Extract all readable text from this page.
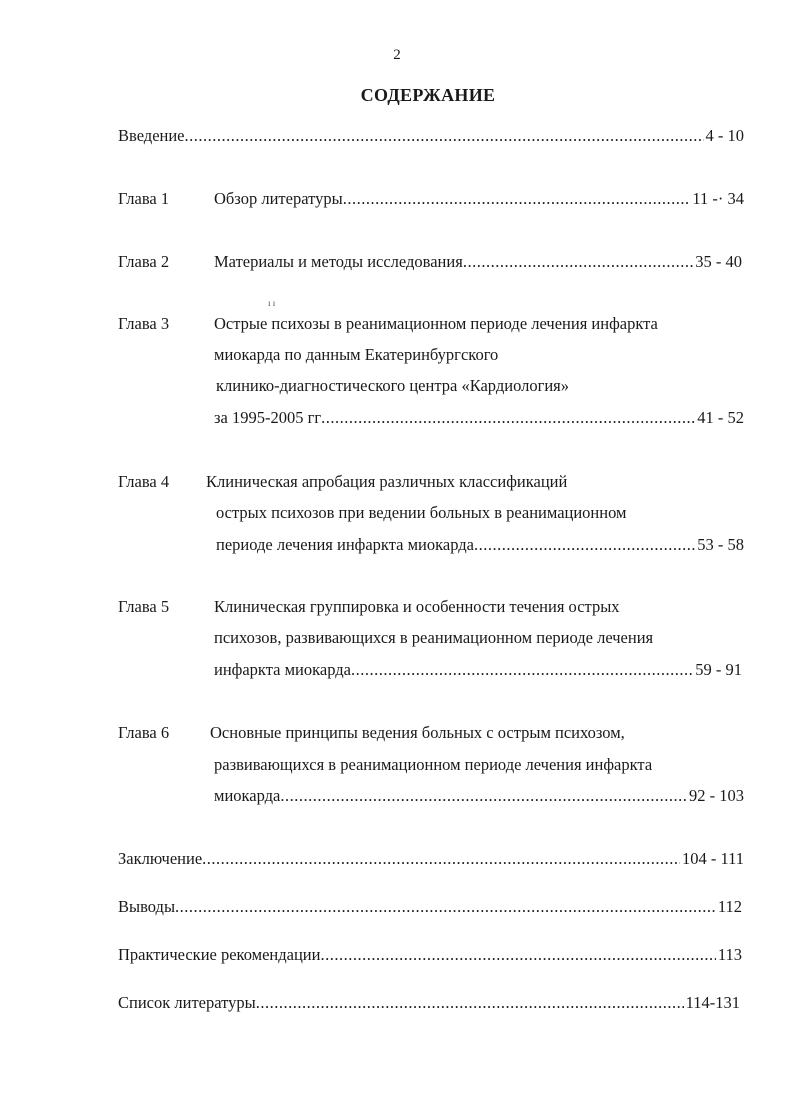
2
СОДЕРЖАНИЕ
Введение .....	4 - 10
Глава 1	Обзор литературы .....	11 -· 34
Глава 2	Материалы и методы исследования .....	35 - 40
ı ı
Глава 3	Острые психозы в реанимационном периоде лечения инфаркта
миокарда по данным Екатеринбургского
клинико-диагностического центра «Кардиология»
за 1995-2005 гг .....	41 - 52
Глава 4 Клиническая апробация различных классификаций
острых психозов при ведении больных в реанимационном
периоде лечения инфаркта миокарда .....	53 - 58
Глава 5	Клиническая группировка и особенности течения острых
психозов, развивающихся в реанимационном периоде лечения
инфаркта миокарда .....	59 - 91
Глава 6 Основные принципы ведения больных с острым психозом,
развивающихся в реанимационном периоде лечения инфаркта
миокарда .....	92 - 103
Заключение .....	104 - 111
Выводы .....	112
Практические рекомендации .....	113
Список литературы .....	114-131
